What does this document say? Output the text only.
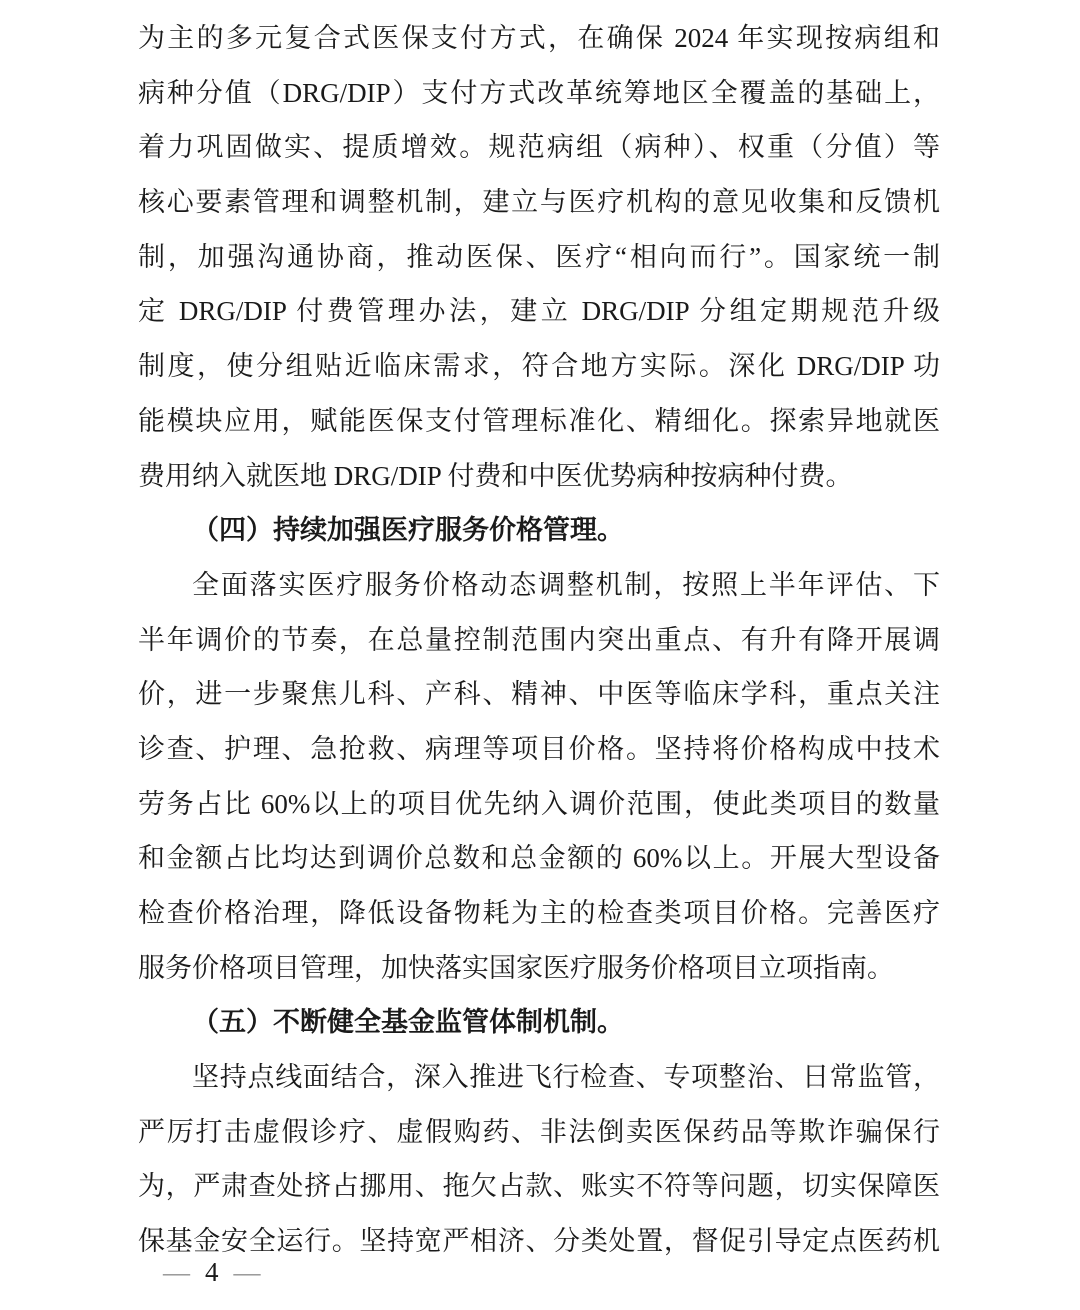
为主的多元复合式医保支付方式，在确保 2024 年实现按病组和
病种分值（DRG/DIP）支付方式改革统筹地区全覆盖的基础上，
着力巩固做实、提质增效。规范病组（病种）、权重（分值）等
核心要素管理和调整机制，建立与医疗机构的意见收集和反馈机
制，加强沟通协商，推动医保、医疗“相向而行”。国家统一制
定 DRG/DIP 付费管理办法，建立 DRG/DIP 分组定期规范升级
制度，使分组贴近临床需求，符合地方实际。深化 DRG/DIP 功
能模块应用，赋能医保支付管理标准化、精细化。探索异地就医
费用纳入就医地 DRG/DIP 付费和中医优势病种按病种付费。
（四）持续加强医疗服务价格管理。
全面落实医疗服务价格动态调整机制，按照上半年评估、下
半年调价的节奏，在总量控制范围内突出重点、有升有降开展调
价，进一步聚焦儿科、产科、精神、中医等临床学科，重点关注
诊查、护理、急抢救、病理等项目价格。坚持将价格构成中技术
劳务占比 60%以上的项目优先纳入调价范围，使此类项目的数量
和金额占比均达到调价总数和总金额的 60%以上。开展大型设备
检查价格治理，降低设备物耗为主的检查类项目价格。完善医疗
服务价格项目管理，加快落实国家医疗服务价格项目立项指南。
（五）不断健全基金监管体制机制。
坚持点线面结合，深入推进飞行检查、专项整治、日常监管，
严厉打击虚假诊疗、虚假购药、非法倒卖医保药品等欺诈骗保行
为，严肃查处挤占挪用、拖欠占款、账实不符等问题，切实保障医
保基金安全运行。坚持宽严相济、分类处置，督促引导定点医药机
— 4 —
